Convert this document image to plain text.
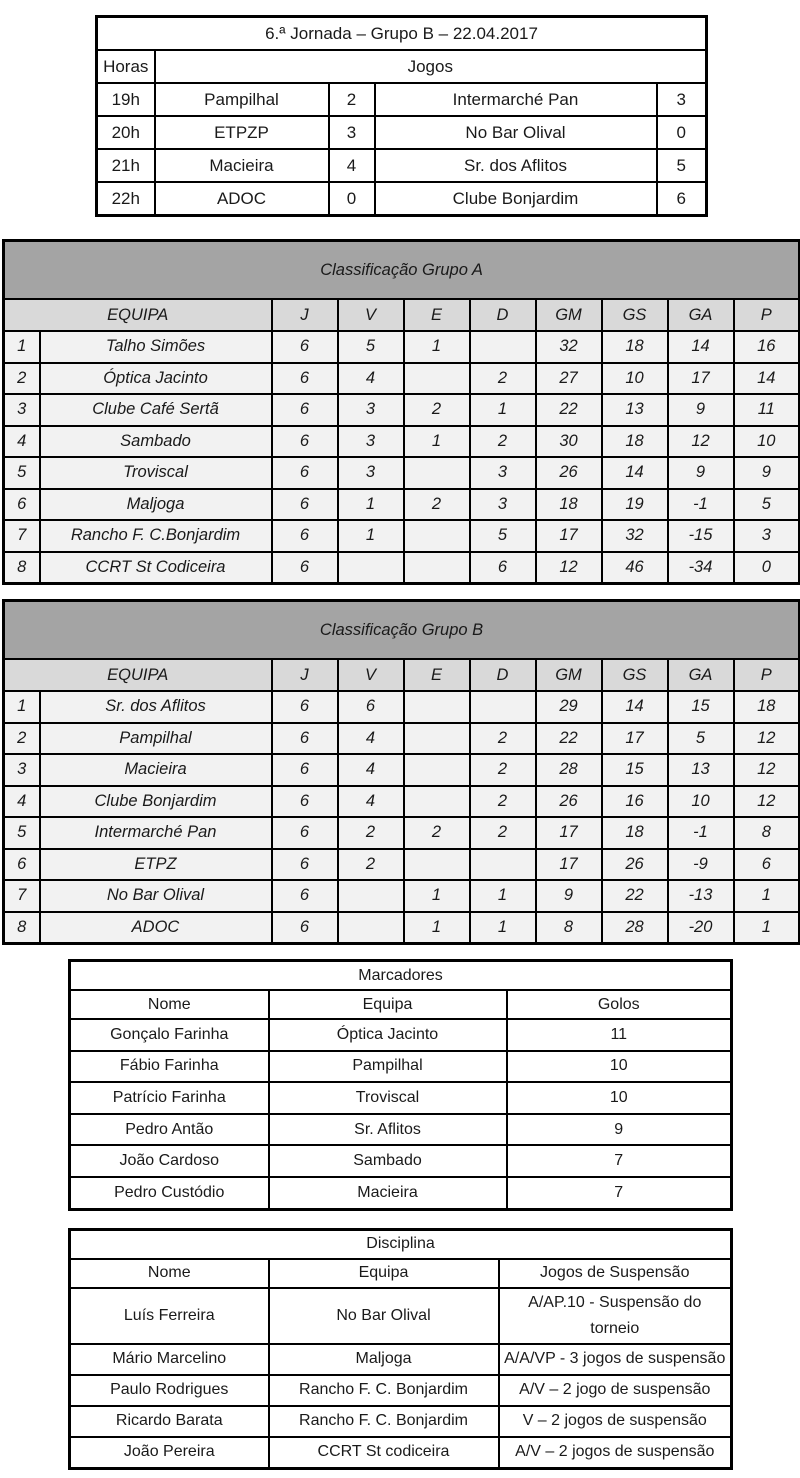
6.ª Jornada – Grupo B – 22.04.2017				
Horas	Jogos			
19h	Pampilhal	2	Intermarché Pan	3
20h	ETPZP	3	No Bar Olival	0
21h	Macieira	4	Sr. dos Aflitos	5
22h	ADOC	0	Clube Bonjardim	6
Classificação Grupo A									
EQUIPA		J	V	E	D	GM	GS	GA	P
1	Talho Simões	6	5	1		32	18	14	16
2	Óptica Jacinto	6	4		2	27	10	17	14
3	Clube Café Sertã	6	3	2	1	22	13	9	11
4	Sambado	6	3	1	2	30	18	12	10
5	Troviscal	6	3		3	26	14	9	9
6	Maljoga	6	1	2	3	18	19	-1	5
7	Rancho F. C.Bonjardim	6	1		5	17	32	-15	3
8	CCRT St Codiceira	6			6	12	46	-34	0
Classificação Grupo B									
EQUIPA		J	V	E	D	GM	GS	GA	P
1	Sr. dos Aflitos	6	6			29	14	15	18
2	Pampilhal	6	4		2	22	17	5	12
3	Macieira	6	4		2	28	15	13	12
4	Clube Bonjardim	6	4		2	26	16	10	12
5	Intermarché Pan	6	2	2	2	17	18	-1	8
6	ETPZ	6	2			17	26	-9	6
7	No Bar Olival	6		1	1	9	22	-13	1
8	ADOC	6		1	1	8	28	-20	1
Marcadores		
Nome	Equipa	Golos
Gonçalo Farinha	Óptica Jacinto	11
Fábio Farinha	Pampilhal	10
Patrício Farinha	Troviscal	10
Pedro Antão	Sr. Aflitos	9
João Cardoso	Sambado	7
Pedro Custódio	Macieira	7
Disciplina		
Nome	Equipa	Jogos de Suspensão
Luís Ferreira	No Bar Olival	A/AP.10 - Suspensão do torneio
Mário Marcelino	Maljoga	A/A/VP - 3 jogos de suspensão
Paulo Rodrigues	Rancho F. C. Bonjardim	A/V – 2 jogo de suspensão
Ricardo Barata	Rancho F. C. Bonjardim	V – 2 jogos de suspensão
João Pereira	CCRT St codiceira	A/V – 2 jogos de suspensão
